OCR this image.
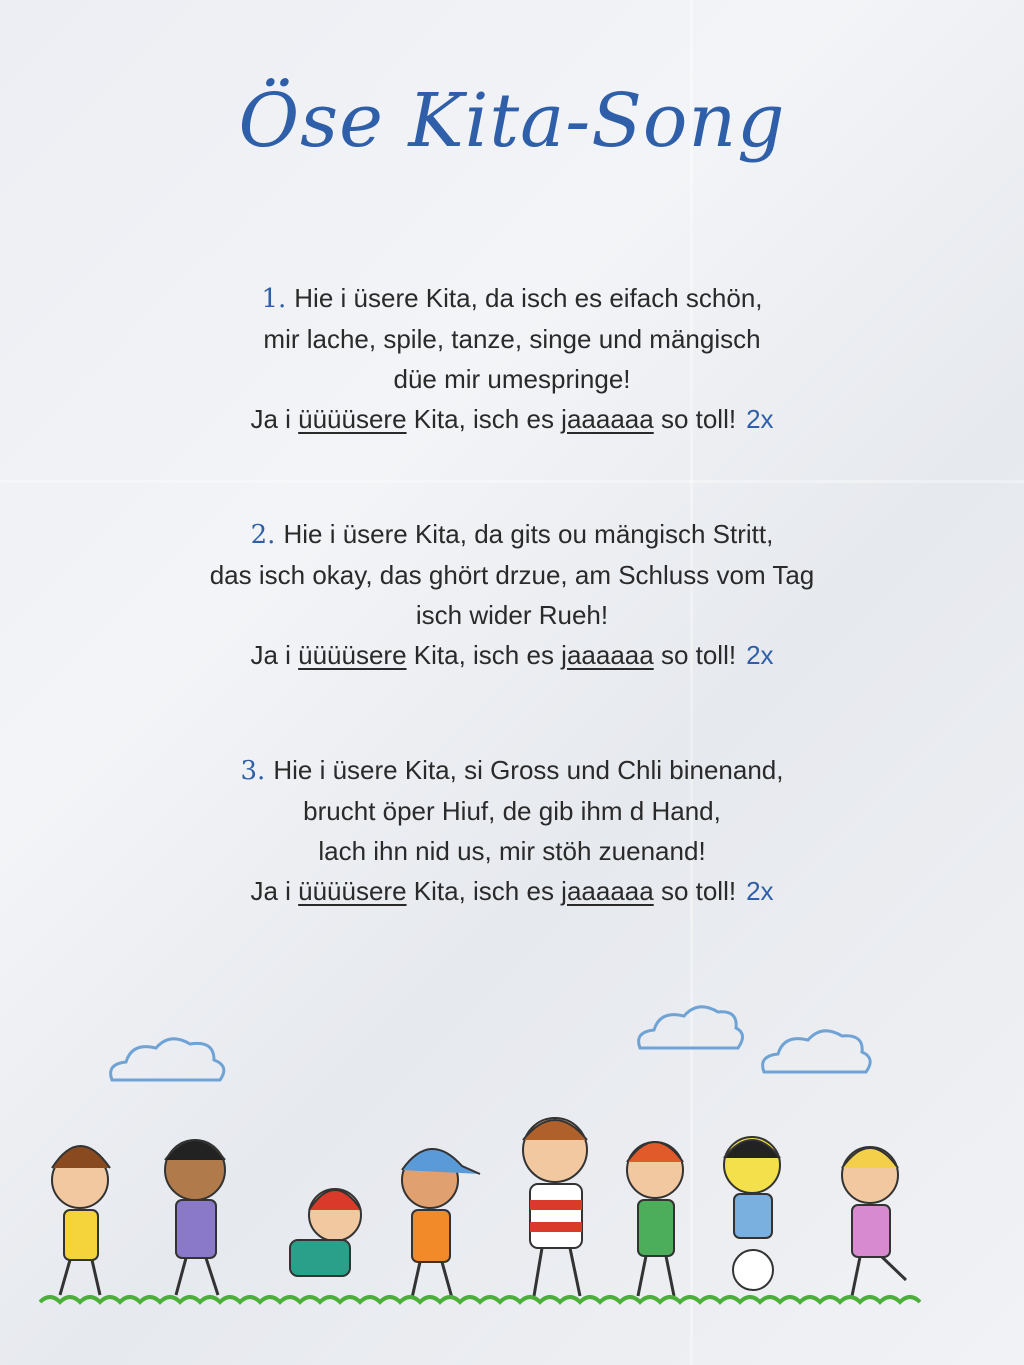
Öse Kita-Song
1. Hie i üsere Kita, da isch es eifach schön,
mir lache, spile, tanze, singe und mängisch
düe mir umespringe!
Ja i üüüüsere Kita, isch es jaaaaaa so toll! 2x
2. Hie i üsere Kita, da gits ou mängisch Stritt,
das isch okay, das ghört drzue, am Schluss vom Tag
isch wider Rueh!
Ja i üüüüsere Kita, isch es jaaaaaa so toll! 2x
3. Hie i üsere Kita, si Gross und Chli binenand,
brucht öper Hiuf, de gib ihm d Hand,
lach ihn nid us, mir stöh zuenand!
Ja i üüüüsere Kita, isch es jaaaaaa so toll! 2x
